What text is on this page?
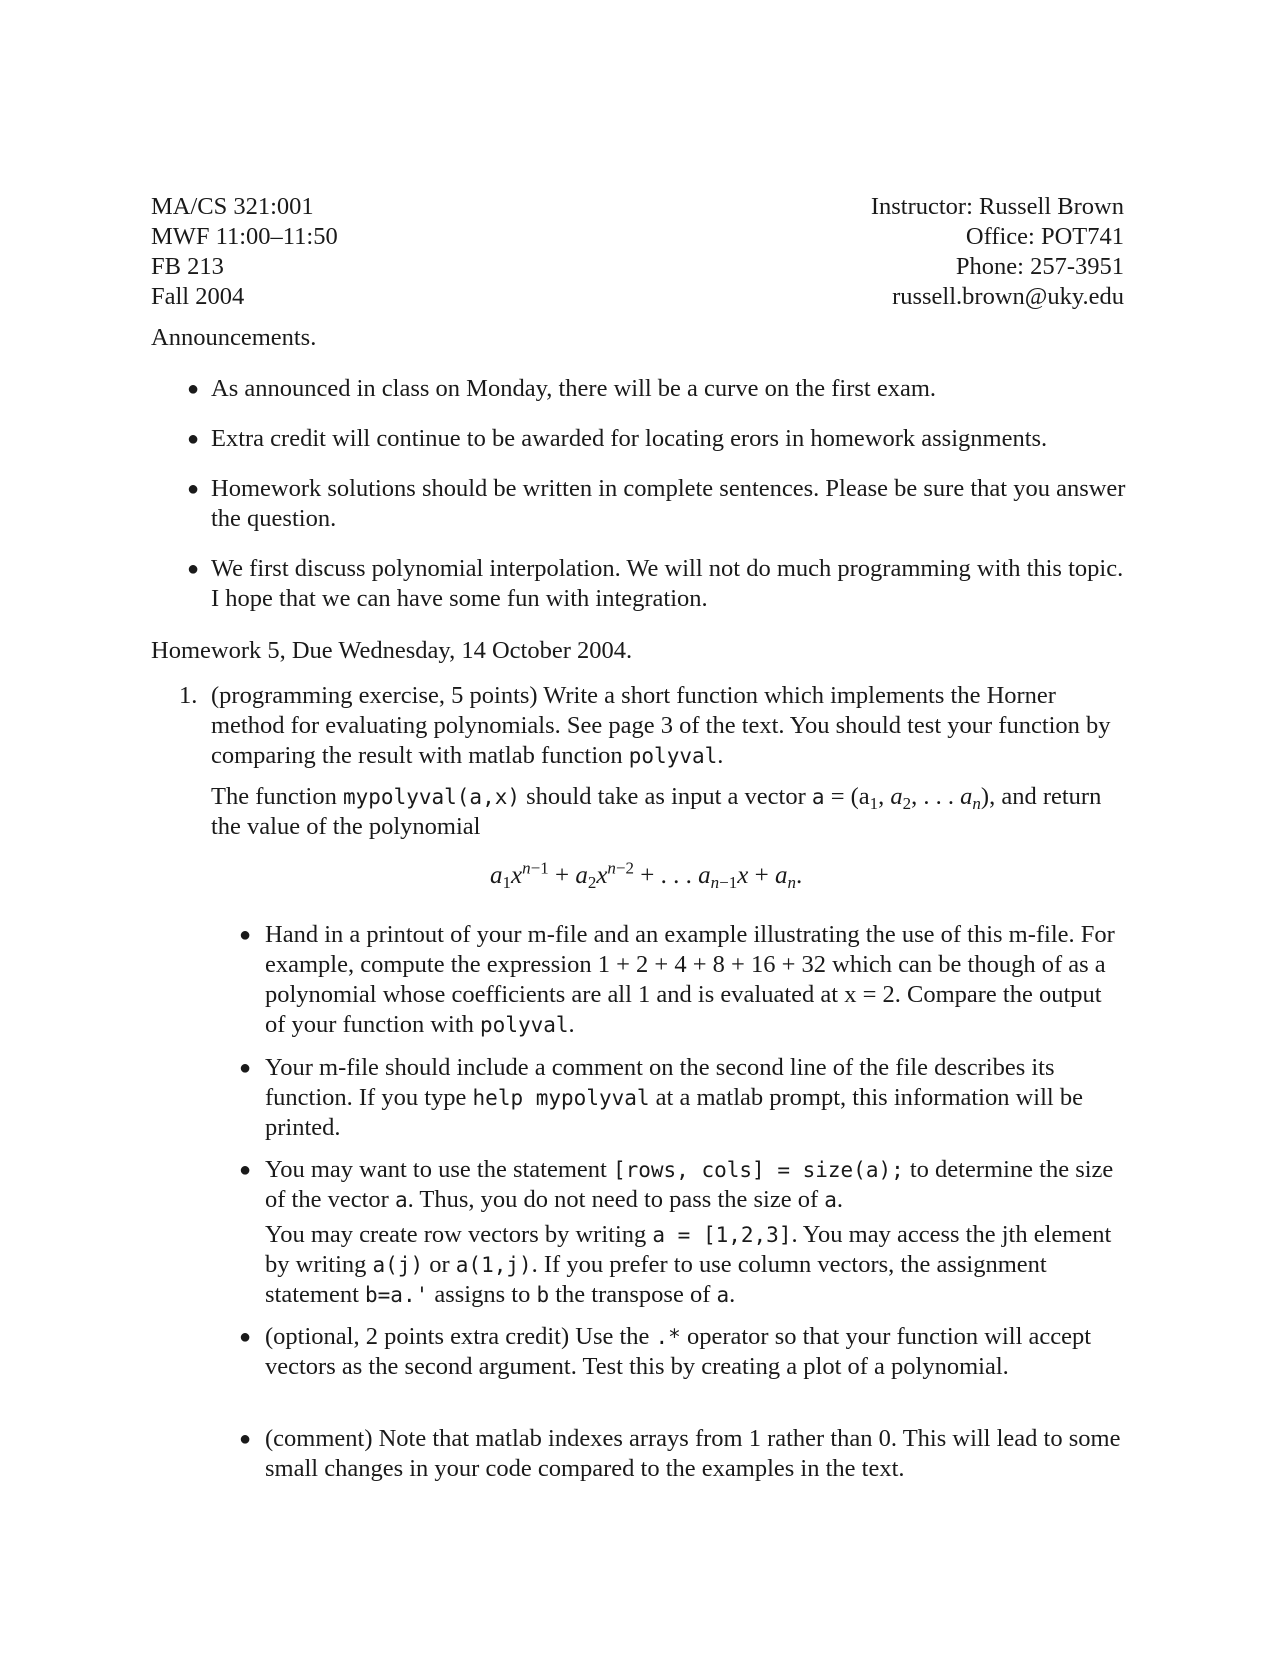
MA/CS 321:001
MWF 11:00–11:50
FB 213
Fall 2004
Instructor: Russell Brown
Office: POT741
Phone: 257-3951
russell.brown@uky.edu
Announcements.
● As announced in class on Monday, there will be a curve on the first exam.
● Extra credit will continue to be awarded for locating erors in homework assignments.
● Homework solutions should be written in complete sentences. Please be sure that you answer the question.
● We first discuss polynomial interpolation. We will not do much programming with this topic. I hope that we can have some fun with integration.
Homework 5, Due Wednesday, 14 October 2004.
1. (programming exercise, 5 points) Write a short function which implements the Horner method for evaluating polynomials. See page 3 of the text. You should test your function by comparing the result with matlab function polyval.
The function mypolyval(a,x) should take as input a vector $a = (a_1$, $a_2$, . . . $a_n$), and return the value of the polynomial
$a_1x^{n-1} + a_2x^{n-2}$ + . . . $a_{n-1}x + a_n$.
● Hand in a printout of your m-file and an example illustrating the use of this m-file. For example, compute the expression 1 + 2 + 4 + 8 + 16 + 32 which can be though of as a polynomial whose coefficients are all 1 and is evaluated at x = 2. Compare the output of your function with polyval.
● Your m-file should include a comment on the second line of the file describes its function. If you type help mypolyval at a matlab prompt, this information will be printed.
● You may want to use the statement [rows, cols] = size(a); to determine the size of the vector a. Thus, you do not need to pass the size of a.
You may create row vectors by writing a = [1,2,3]. You may access the jth element by writing a(j) or a(1,j). If you prefer to use column vectors, the assignment statement b=a.' assigns to b the transpose of a.
● (optional, 2 points extra credit) Use the .* operator so that your function will accept vectors as the second argument. Test this by creating a plot of a polynomial.
● (comment) Note that matlab indexes arrays from 1 rather than 0. This will lead to some small changes in your code compared to the examples in the text.
